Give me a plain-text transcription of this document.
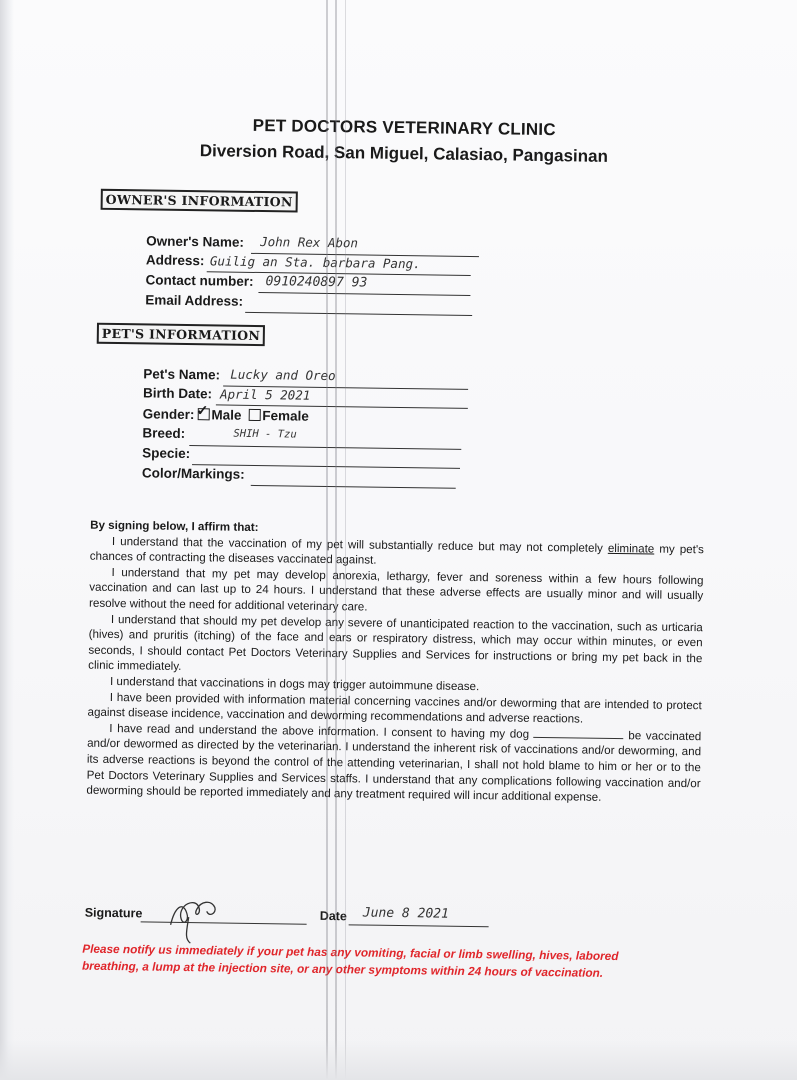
PET DOCTORS VETERINARY CLINIC
Diversion Road, San Miguel, Calasiao, Pangasinan
OWNER'S INFORMATION
Owner's Name: John Rex Abon
Address: Guilig an Sta. barbara Pang.
Contact number: 0910240897 93
Email Address:
PET'S INFORMATION
Pet's Name: Lucky and Oreo
Birth Date: April 5 2021
Gender:✓ Male Female
Breed:	SHIH - Tzu
Specie:
Color/Markings:
By signing below, I affirm that:

I understand that the vaccination of my pet will substantially reduce but may not completely eliminate my pet's chances of contracting the diseases vaccinated against.

I understand that my pet may develop anorexia, lethargy, fever and soreness within a few hours following vaccination and can last up to 24 hours. I understand that these adverse effects are usually minor and will usually resolve without the need for additional veterinary care.

I understand that should my pet develop any severe of unanticipated reaction to the vaccination, such as urticaria (hives) and pruritis (itching) of the face and ears or respiratory distress, which may occur within minutes, or even seconds, I should contact Pet Doctors Veterinary Supplies and Services for instructions or bring my pet back in the clinic immediately.

I understand that vaccinations in dogs may trigger autoimmune disease.

I have been provided with information material concerning vaccines and/or deworming that are intended to protect against disease incidence, vaccination and deworming recommendations and adverse reactions.

I have read and understand the above information. I consent to having my dog	be vaccinated and/or dewormed as directed by the veterinarian. I understand the inherent risk of vaccinations and/or deworming, and its adverse reactions is beyond the control of the attending veterinarian, I shall not hold blame to him or her or to the Pet Doctors Veterinary Supplies and Services staffs. I understand that any complications following vaccination and/or deworming should be reported immediately and any treatment required will incur additional expense.

Signature	Date June 8 2021
Please notify us immediately if your pet has any vomiting, facial or limb swelling, hives, labored breathing, a lump at the injection site, or any other symptoms within 24 hours of vaccination.
